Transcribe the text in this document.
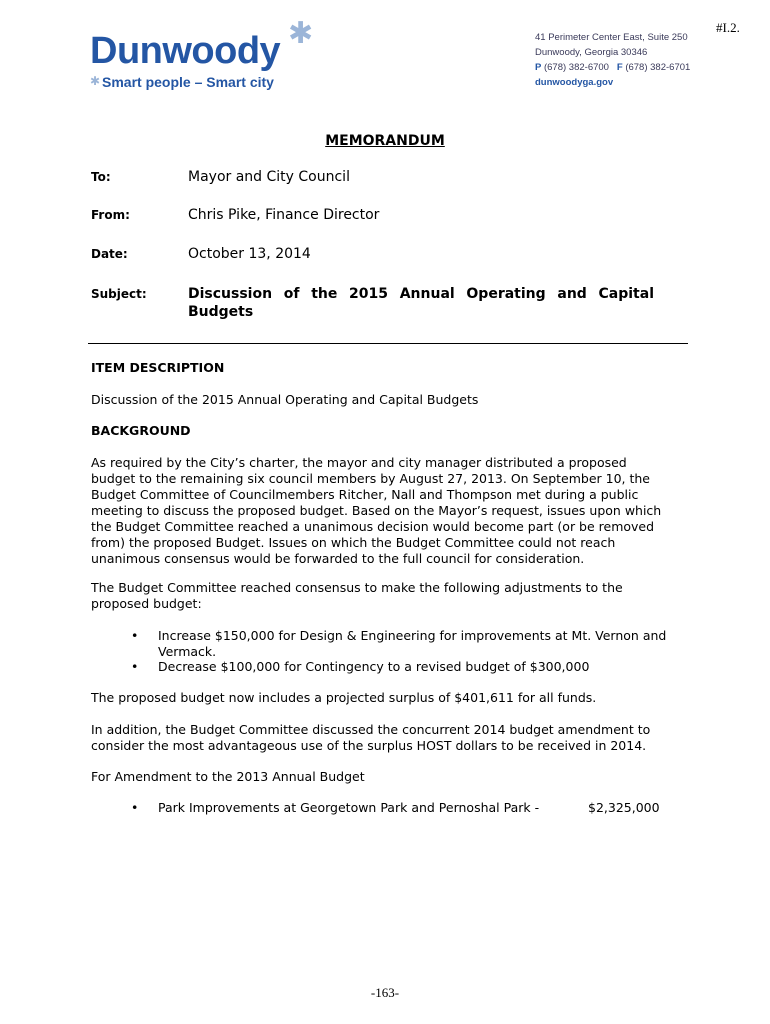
#I.2.
✱
Dunwoody
✱ Smart people – Smart city
41 Perimeter Center East, Suite 250
Dunwoody, Georgia 30346
P (678) 382-6700 F (678) 382-6701
dunwoodyga.gov
MEMORANDUM
To:	Mayor and City Council
From:	Chris Pike, Finance Director
Date:	October 13, 2014
Subject:	Discussion of the 2015 Annual Operating and Capital Budgets
ITEM DESCRIPTION
Discussion of the 2015 Annual Operating and Capital Budgets
BACKGROUND
As required by the City’s charter, the mayor and city manager distributed a proposed
budget to the remaining six council members by August 27, 2013. On September 10, the
Budget Committee of Councilmembers Ritcher, Nall and Thompson met during a public
meeting to discuss the proposed budget. Based on the Mayor’s request, issues upon which
the Budget Committee reached a unanimous decision would become part (or be removed
from) the proposed Budget. Issues on which the Budget Committee could not reach
unanimous consensus would be forwarded to the full council for consideration.
The Budget Committee reached consensus to make the following adjustments to the
proposed budget:
• Increase $150,000 for Design & Engineering for improvements at Mt. Vernon and
Vermack.
• Decrease $100,000 for Contingency to a revised budget of $300,000
The proposed budget now includes a projected surplus of $401,611 for all funds.
In addition, the Budget Committee discussed the concurrent 2014 budget amendment to
consider the most advantageous use of the surplus HOST dollars to be received in 2014.
For Amendment to the 2013 Annual Budget
• Park Improvements at Georgetown Park and Pernoshal Park -	$2,325,000
-163-
